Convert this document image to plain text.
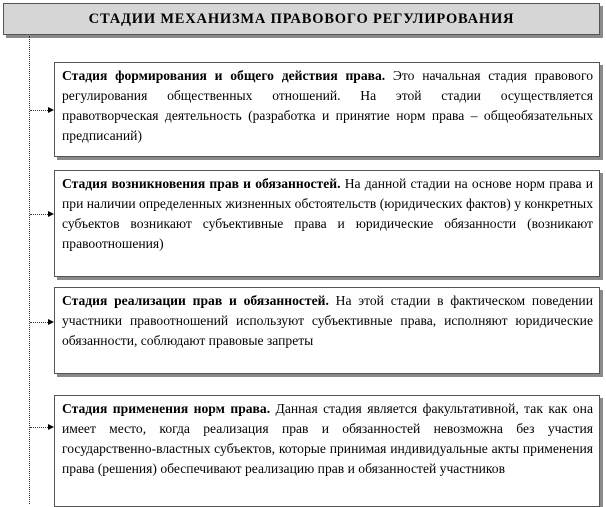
СТАДИИ МЕХАНИЗМА ПРАВОВОГО РЕГУЛИРОВАНИЯ
Стадия формирования и общего действия права. Это начальная стадия правового регулирования общественных отношений. На этой стадии осуществляется правотворческая деятельность (разработка и принятие норм права – общеобязательных предписаний)
Стадия возникновения прав и обязанностей. На данной стадии на основе норм права и при наличии определенных жизненных обстоятельств (юридических фактов) у конкретных субъектов возникают субъективные права и юридические обязанности (возникают правоотношения)
Стадия реализации прав и обязанностей. На этой стадии в фактическом поведении участники правоотношений используют субъективные права, исполняют юридические обязанности, соблюдают правовые запреты
Стадия применения норм права. Данная стадия является факультативной, так как она имеет место, когда реализация прав и обязанностей невозможна без участия государственно-властных субъектов, которые принимая индивидуальные акты применения права (решения) обеспечивают реализацию прав и обязанностей участников
